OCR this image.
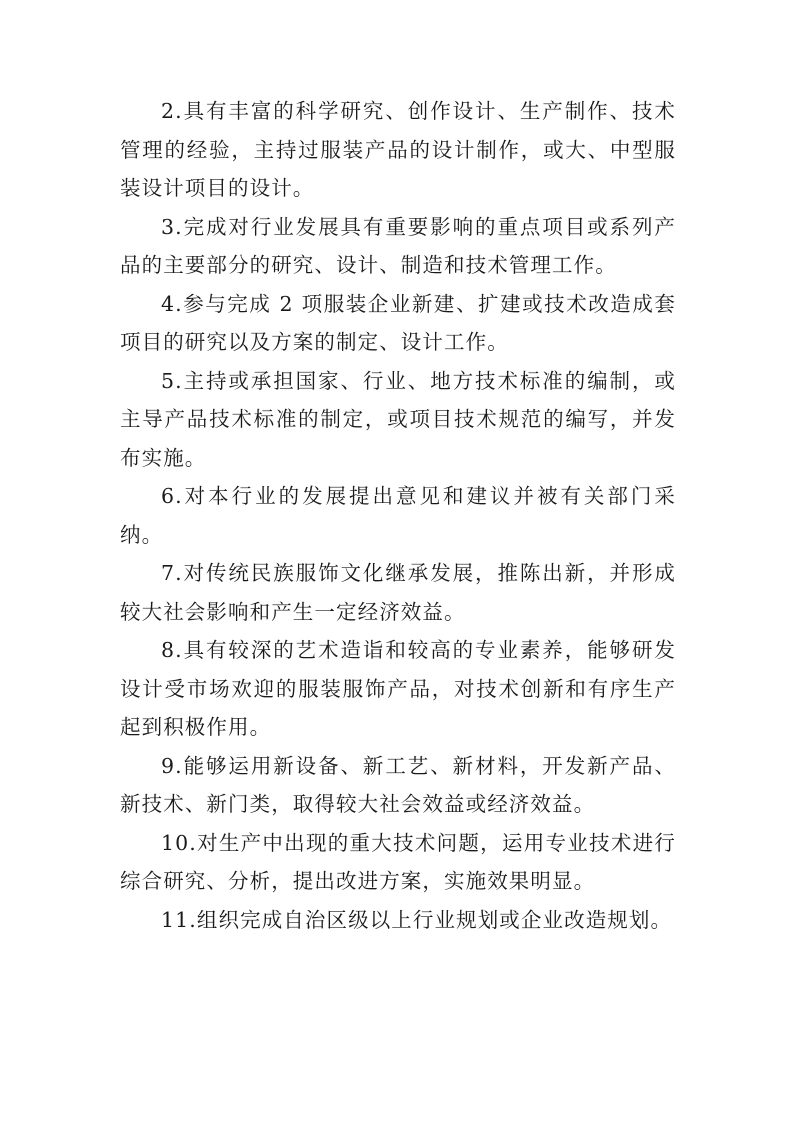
2.具有丰富的科学研究、创作设计、生产制作、技术管理的经验，主持过服装产品的设计制作，或大、中型服装设计项目的设计。

3.完成对行业发展具有重要影响的重点项目或系列产品的主要部分的研究、设计、制造和技术管理工作。

4.参与完成 2 项服装企业新建、扩建或技术改造成套项目的研究以及方案的制定、设计工作。

5.主持或承担国家、行业、地方技术标准的编制，或主导产品技术标准的制定，或项目技术规范的编写，并发布实施。

6.对本行业的发展提出意见和建议并被有关部门采纳。

7.对传统民族服饰文化继承发展，推陈出新，并形成较大社会影响和产生一定经济效益。

8.具有较深的艺术造诣和较高的专业素养，能够研发设计受市场欢迎的服装服饰产品，对技术创新和有序生产起到积极作用。

9.能够运用新设备、新工艺、新材料，开发新产品、新技术、新门类，取得较大社会效益或经济效益。

10.对生产中出现的重大技术问题，运用专业技术进行综合研究、分析，提出改进方案，实施效果明显。

11.组织完成自治区级以上行业规划或企业改造规划。
